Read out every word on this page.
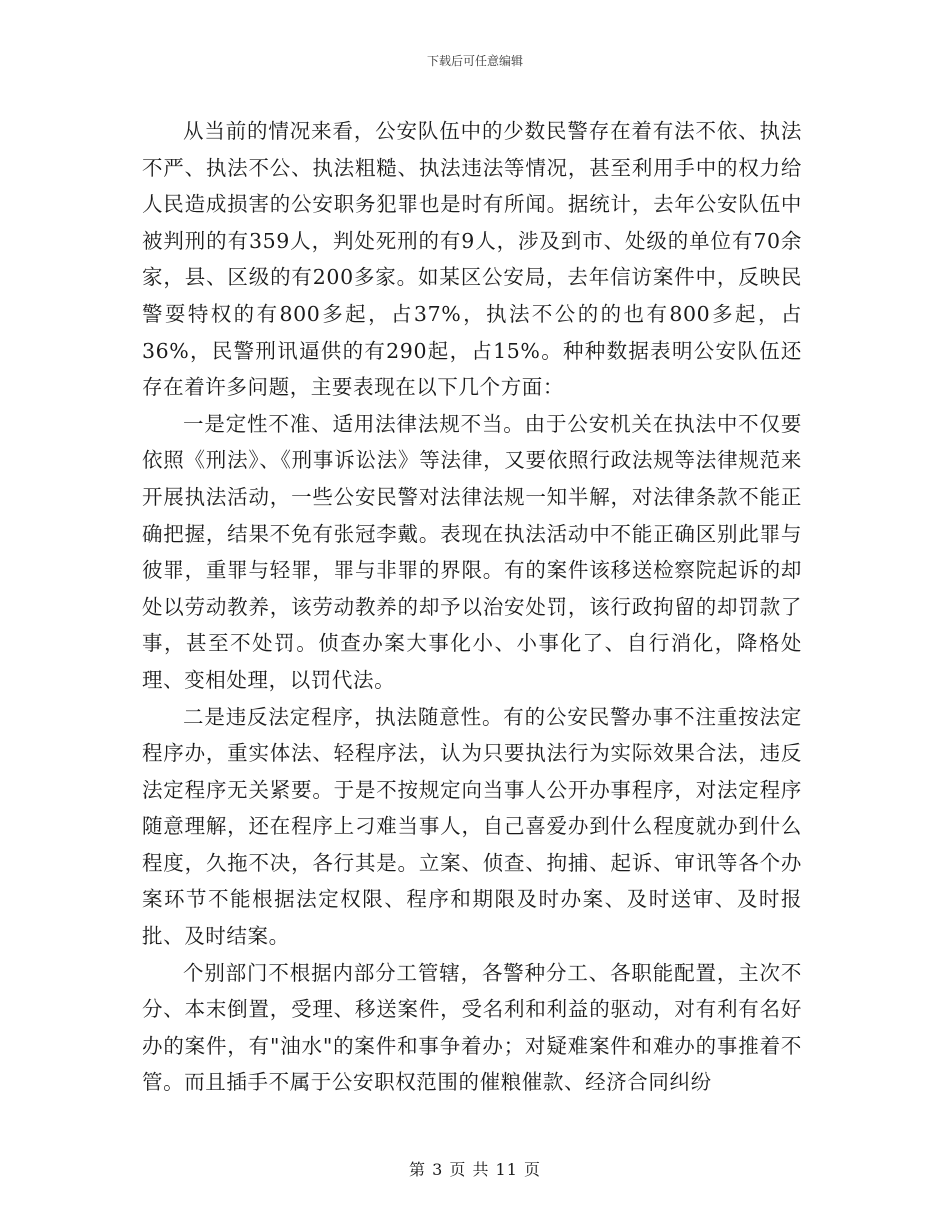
下载后可任意编辑

从当前的情况来看，公安队伍中的少数民警存在着有法不依、执法不严、执法不公、执法粗糙、执法违法等情况，甚至利用手中的权力给人民造成损害的公安职务犯罪也是时有所闻。据统计，去年公安队伍中被判刑的有359人，判处死刑的有9人，涉及到市、处级的单位有70余家，县、区级的有200多家。如某区公安局，去年信访案件中，反映民警耍特权的有800多起，占37%，执法不公的的也有800多起，占36%，民警刑讯逼供的有290起，占15%。种种数据表明公安队伍还存在着许多问题，主要表现在以下几个方面：

一是定性不准、适用法律法规不当。由于公安机关在执法中不仅要依照《刑法》、《刑事诉讼法》等法律，又要依照行政法规等法律规范来开展执法活动，一些公安民警对法律法规一知半解，对法律条款不能正确把握，结果不免有张冠李戴。表现在执法活动中不能正确区别此罪与彼罪，重罪与轻罪，罪与非罪的界限。有的案件该移送检察院起诉的却处以劳动教养，该劳动教养的却予以治安处罚，该行政拘留的却罚款了事，甚至不处罚。侦查办案大事化小、小事化了、自行消化，降格处理、变相处理，以罚代法。

二是违反法定程序，执法随意性。有的公安民警办事不注重按法定程序办，重实体法、轻程序法，认为只要执法行为实际效果合法，违反法定程序无关紧要。于是不按规定向当事人公开办事程序，对法定程序随意理解，还在程序上刁难当事人，自己喜爱办到什么程度就办到什么程度，久拖不决，各行其是。立案、侦查、拘捕、起诉、审讯等各个办案环节不能根据法定权限、程序和期限及时办案、及时送审、及时报批、及时结案。

个别部门不根据内部分工管辖，各警种分工、各职能配置，主次不分、本末倒置，受理、移送案件，受名利和利益的驱动，对有利有名好办的案件，有"油水"的案件和事争着办；对疑难案件和难办的事推着不管。而且插手不属于公安职权范围的催粮催款、经济合同纠纷

第 3 页 共 11 页
